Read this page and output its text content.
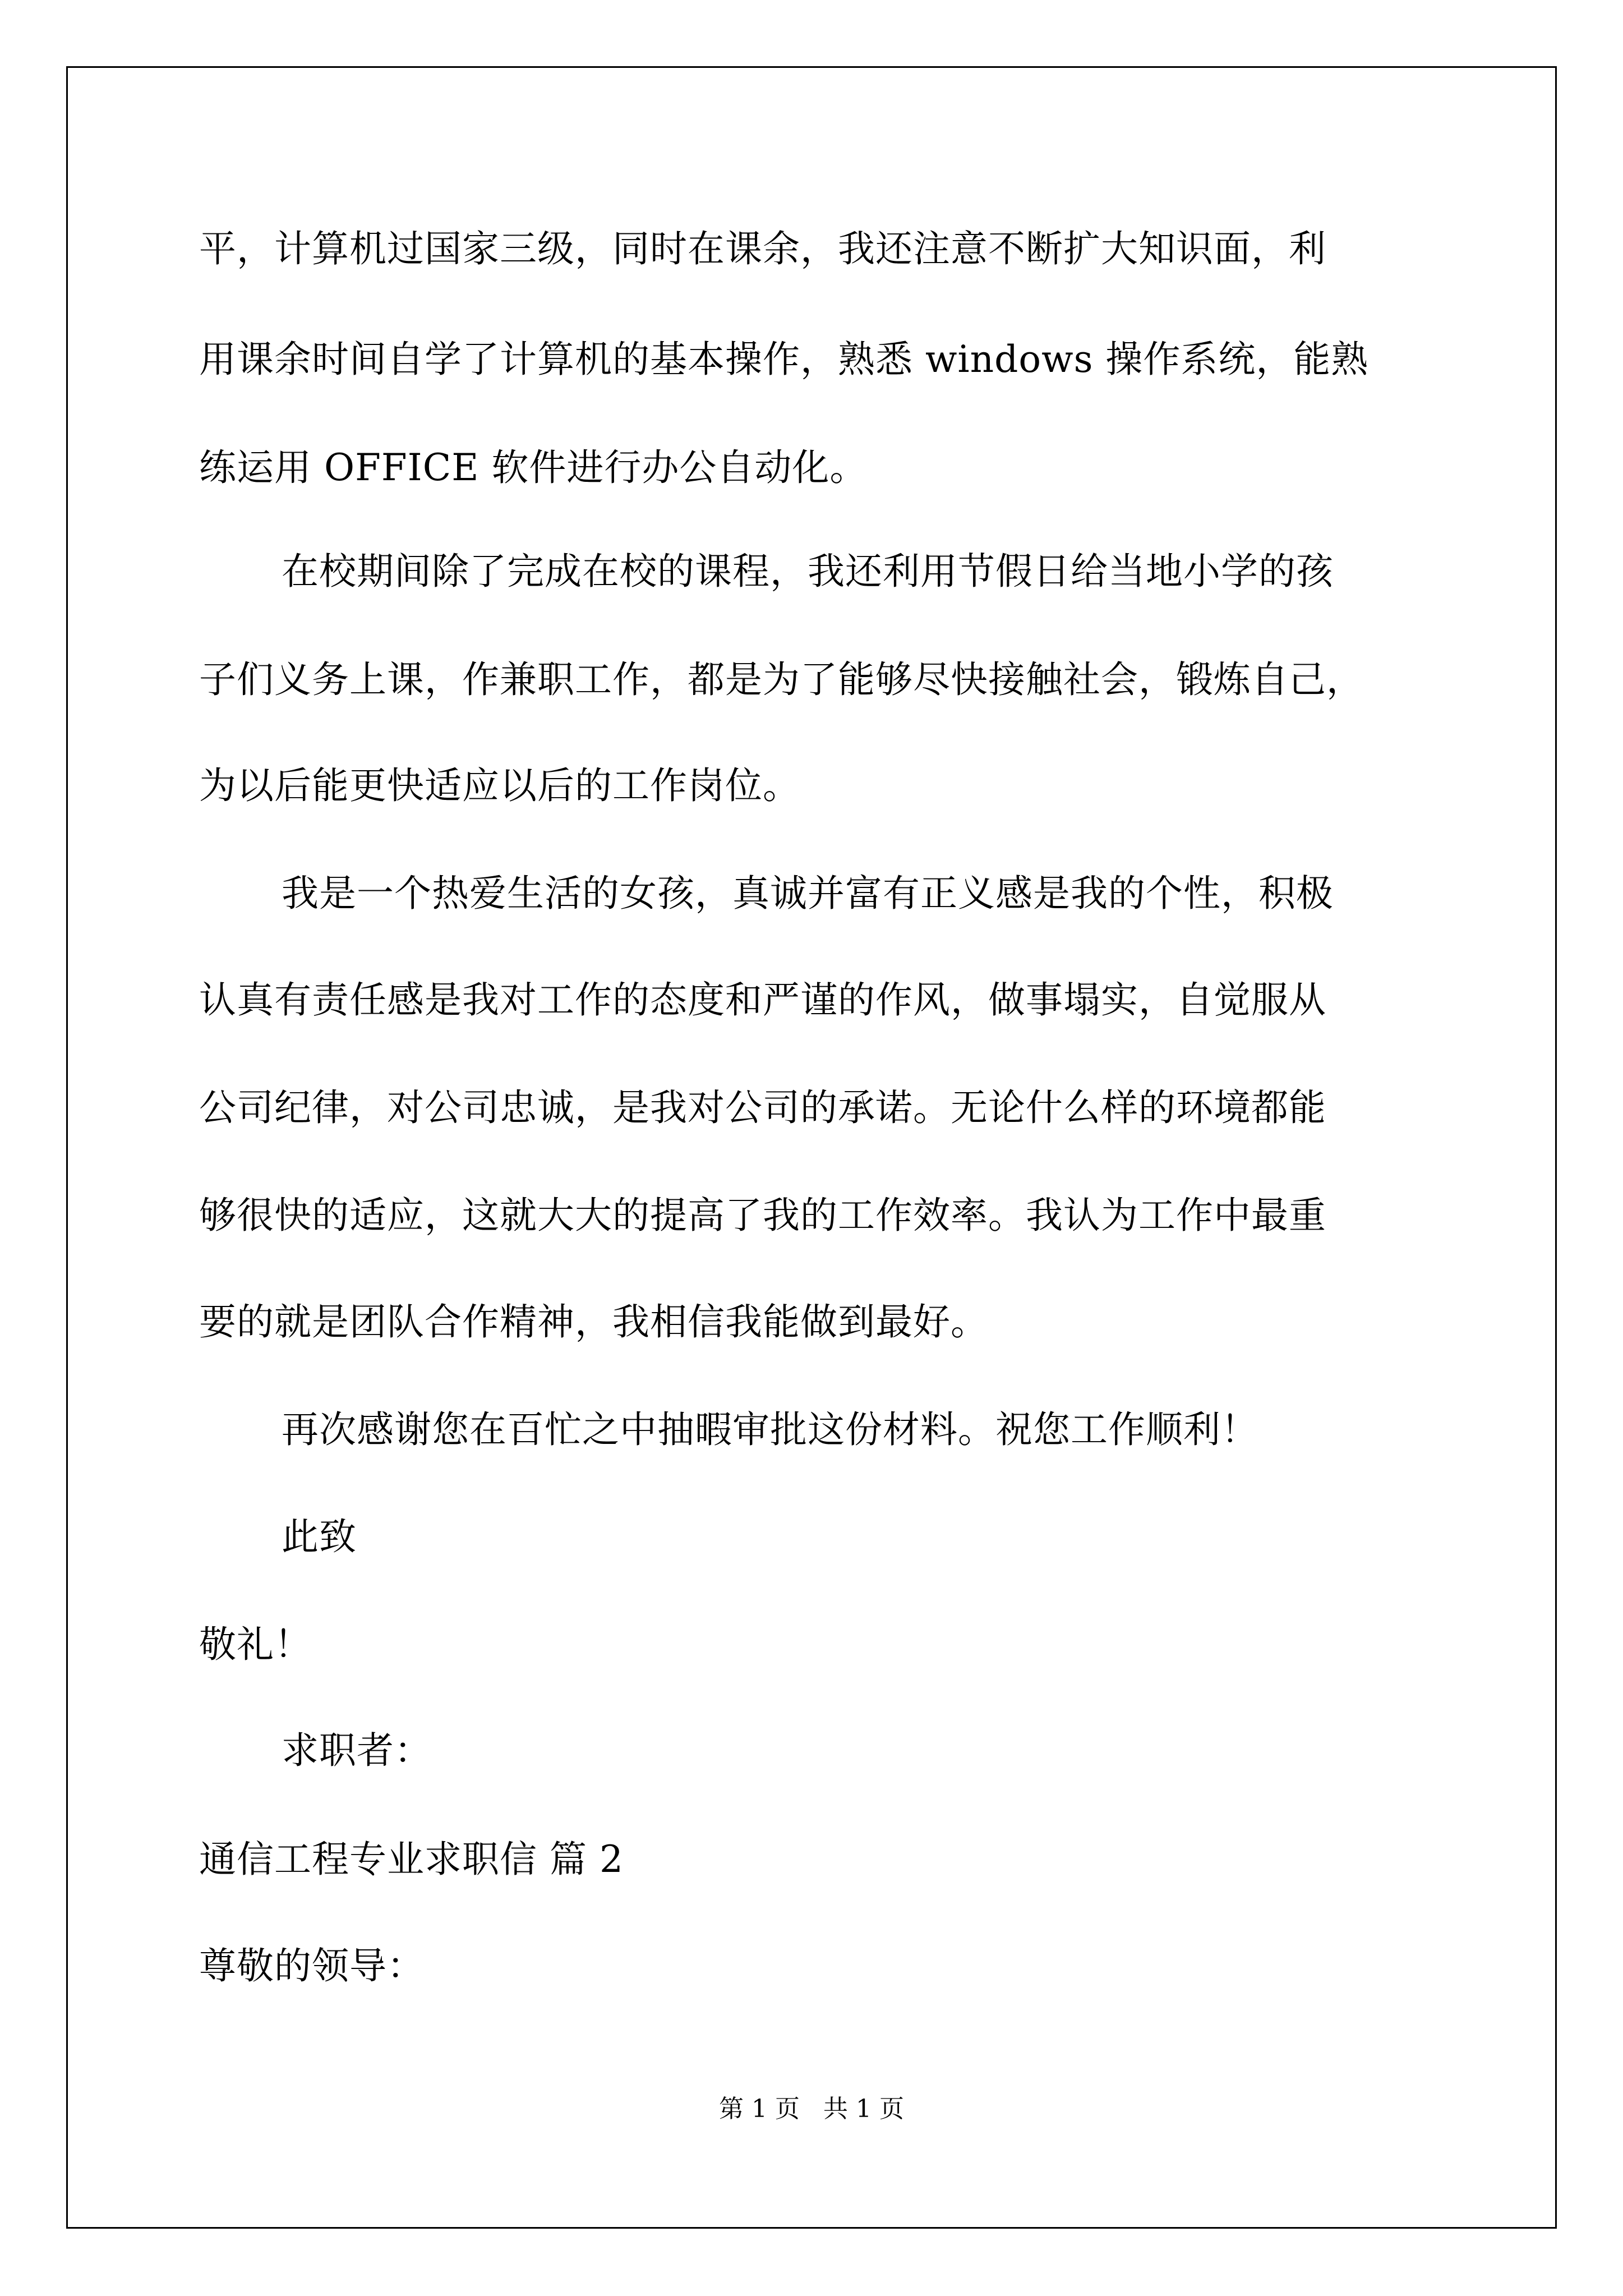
平，计算机过国家三级，同时在课余，我还注意不断扩大知识面，利
用课余时间自学了计算机的基本操作，熟悉 windows 操作系统，能熟
练运用 OFFICE 软件进行办公自动化。
在校期间除了完成在校的课程，我还利用节假日给当地小学的孩
子们义务上课，作兼职工作，都是为了能够尽快接触社会，锻炼自己，
为以后能更快适应以后的工作岗位。
我是一个热爱生活的女孩，真诚并富有正义感是我的个性，积极
认真有责任感是我对工作的态度和严谨的作风，做事塌实，自觉服从
公司纪律，对公司忠诚，是我对公司的承诺。无论什么样的环境都能
够很快的适应，这就大大的提高了我的工作效率。我认为工作中最重
要的就是团队合作精神，我相信我能做到最好。
再次感谢您在百忙之中抽暇审批这份材料。祝您工作顺利！
此致
敬礼！
求职者：
通信工程专业求职信 篇 2
尊敬的领导：
第 1 页   共 1 页
